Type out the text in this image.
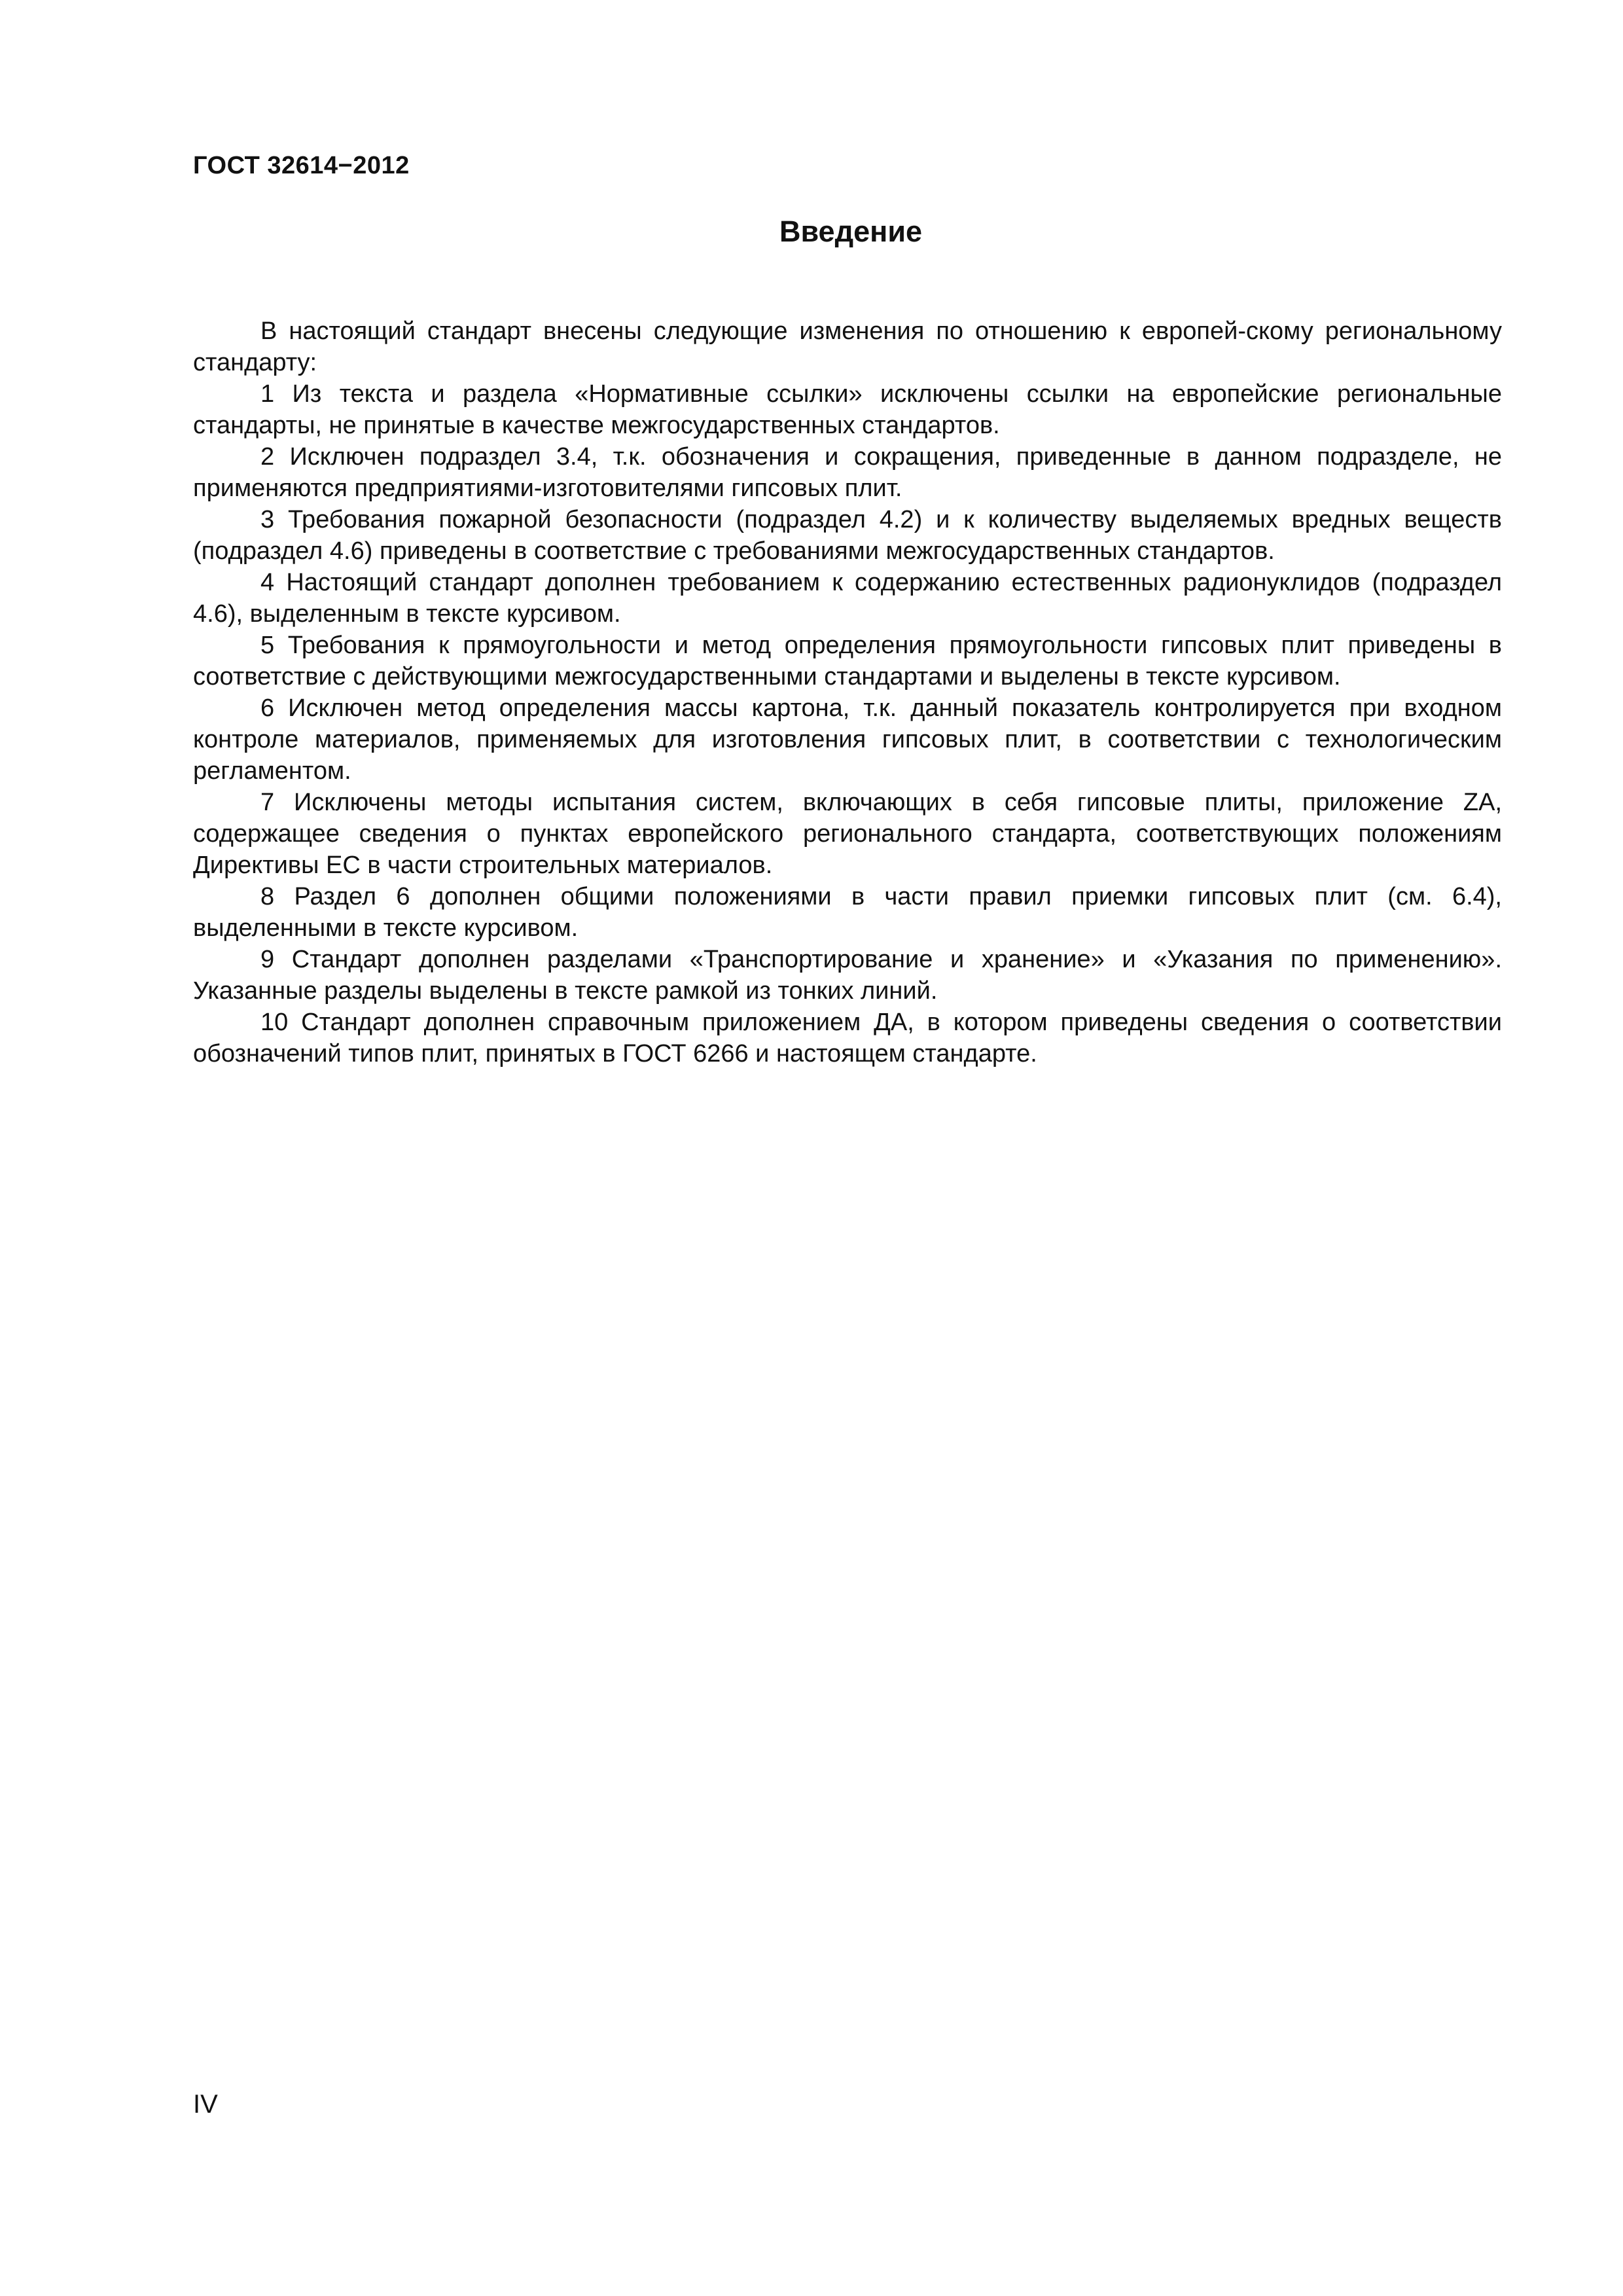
ГОСТ 32614−2012
Введение

В настоящий стандарт внесены следующие изменения по отношению к европей-скому региональному стандарту:

1 Из текста и раздела «Нормативные ссылки» исключены ссылки на европейские региональные стандарты, не принятые в качестве межгосударственных стандартов.

2 Исключен подраздел 3.4, т.к. обозначения и сокращения, приведенные в данном подразделе, не применяются предприятиями-изготовителями гипсовых плит.

3 Требования пожарной безопасности (подраздел 4.2) и к количеству выделяемых вредных веществ (подраздел 4.6) приведены в соответствие с требованиями межгосударственных стандартов.

4 Настоящий стандарт дополнен требованием к содержанию естественных радионуклидов (подраздел 4.6), выделенным в тексте курсивом.

5 Требования к прямоугольности и метод определения прямоугольности гипсовых плит приведены в соответствие с действующими межгосударственными стандартами и выделены в тексте курсивом.

6 Исключен метод определения массы картона, т.к. данный показатель контролируется при входном контроле материалов, применяемых для изготовления гипсовых плит, в соответствии с технологическим регламентом.

7 Исключены методы испытания систем, включающих в себя гипсовые плиты, приложение ZA, содержащее сведения о пунктах европейского регионального стандарта, соответствующих положениям Директивы ЕС в части строительных материалов.

8 Раздел 6 дополнен общими положениями в части правил приемки гипсовых плит (см. 6.4), выделенными в тексте курсивом.

9 Стандарт дополнен разделами «Транспортирование и хранение» и «Указания по применению». Указанные разделы выделены в тексте рамкой из тонких линий.

10 Стандарт дополнен справочным приложением ДА, в котором приведены сведения о соответствии обозначений типов плит, принятых в ГОСТ 6266 и настоящем стандарте.

IV
